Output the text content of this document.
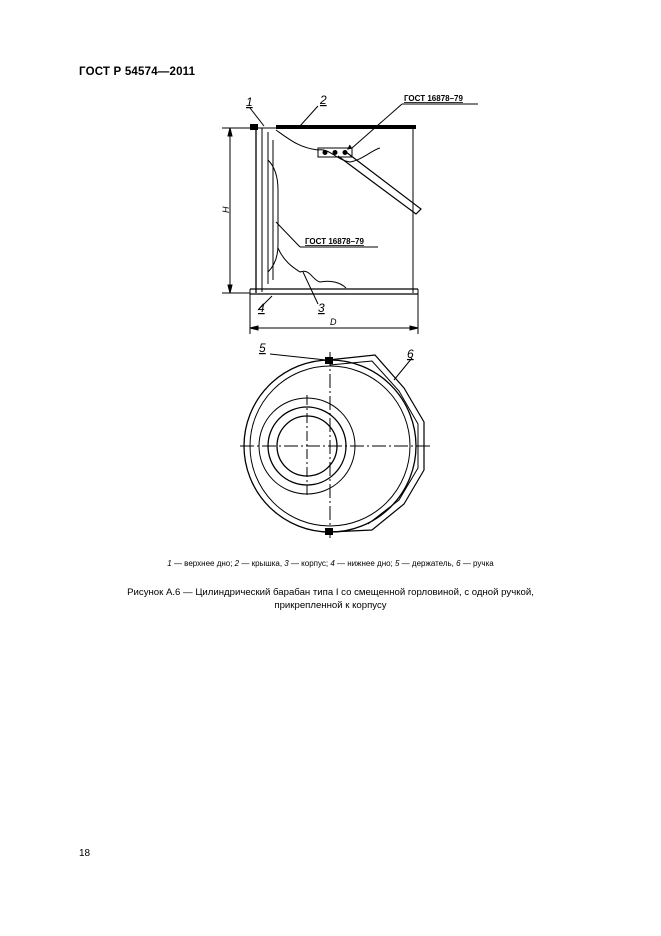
ГОСТ Р 54574—2011
1	2	ГОСТ 16878–79
ГОСТ 16878–79
H
4	3
D
5	6
1 — верхнее дно; 2 — крышка, 3 — корпус; 4 — нижнее дно; 5 — держатель, 6 — ручка
Рисунок А.6 — Цилиндрический барабан типа I со смещенной горловиной, с одной ручкой,
прикрепленной к корпусу
18
